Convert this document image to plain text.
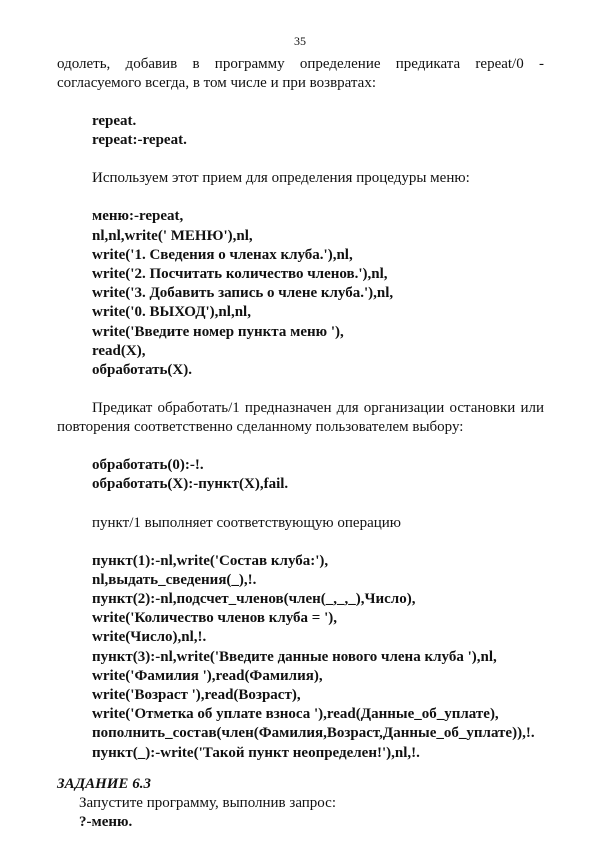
35

одолеть, добавив в программу определение предиката repeat/0 - согласуемого всегда, в том числе и при возвратах:

repeat.
repeat:-repeat.

Используем этот прием для определения процедуры меню:

меню:-repeat,
nl,nl,write(' МЕНЮ'),nl,
write('1. Сведения о членах клуба.'),nl,
write('2. Посчитать количество членов.'),nl,
write('3. Добавить запись о члене клуба.'),nl,
write('0. ВЫХОД'),nl,nl,
write('Введите номер пункта меню '),
read(X),
обработать(X).

Предикат обработать/1 предназначен для организации остановки или повторения соответственно сделанному пользователем выбору:

обработать(0):-!.
обработать(X):-пункт(X),fail.

пункт/1 выполняет соответствующую операцию

пункт(1):-nl,write('Состав клуба:'),
nl,выдать_сведения(_),!.
пункт(2):-nl,подсчет_членов(член(_,_,_),Число),
write('Количество членов клуба = '),
write(Число),nl,!.
пункт(3):-nl,write('Введите данные нового члена клуба '),nl,
write('Фамилия '),read(Фамилия),
write('Возраст '),read(Возраст),
write('Отметка об уплате взноса '),read(Данные_об_уплате),
пополнить_состав(член(Фамилия,Возраст,Данные_об_уплате)),!.
пункт(_):-write('Такой пункт неопределен!'),nl,!.

ЗАДАНИЕ 6.3

Запустите программу, выполнив запрос:
?-меню.
